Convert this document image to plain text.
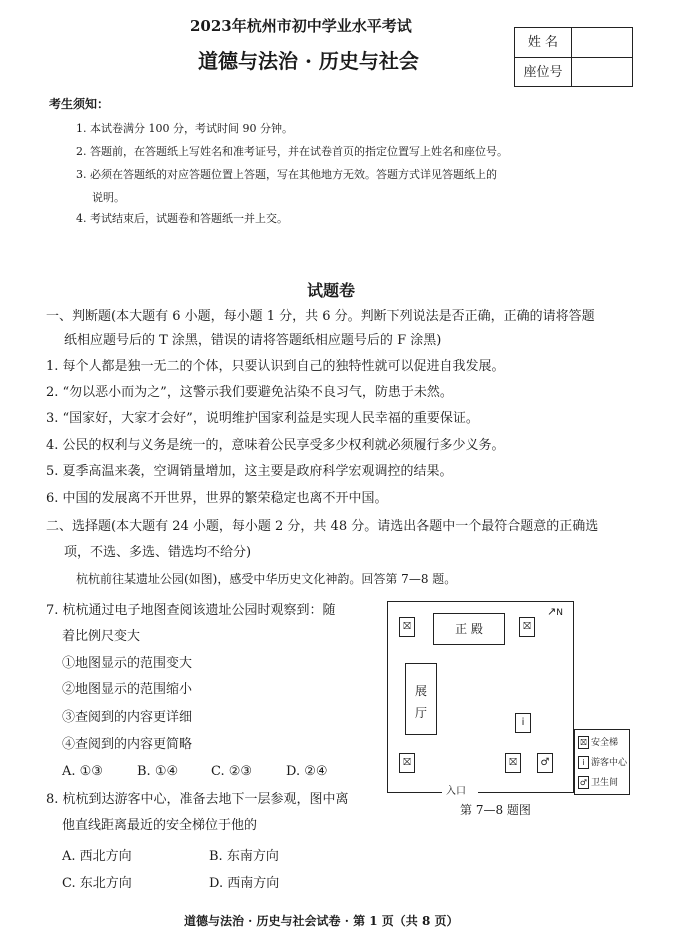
2023年杭州市初中学业水平考试
道德与法治 · 历史与社会
姓 名
座位号
考生须知：
1. 本试卷满分 100 分，考试时间 90 分钟。
2. 答题前，在答题纸上写姓名和准考证号，并在试卷首页的指定位置写上姓名和座位号。
3. 必须在答题纸的对应答题位置上答题，写在其他地方无效。答题方式详见答题纸上的
说明。
4. 考试结束后，试题卷和答题纸一并上交。
试题卷
一、判断题(本大题有 6 小题，每小题 1 分，共 6 分。判断下列说法是否正确，正确的请将答题
纸相应题号后的 T 涂黑，错误的请将答题纸相应题号后的 F 涂黑)
1. 每个人都是独一无二的个体，只要认识到自己的独特性就可以促进自我发展。
2. “勿以恶小而为之”，这警示我们要避免沾染不良习气，防患于未然。
3. “国家好，大家才会好”，说明维护国家利益是实现人民幸福的重要保证。
4. 公民的权利与义务是统一的，意味着公民享受多少权利就必须履行多少义务。
5. 夏季高温来袭，空调销量增加，这主要是政府科学宏观调控的结果。
6. 中国的发展离不开世界，世界的繁荣稳定也离不开中国。
二、选择题(本大题有 24 小题，每小题 2 分，共 48 分。请选出各题中一个最符合题意的正确选
项，不选、多选、错选均不给分)
杭杭前往某遗址公园(如图)，感受中华历史文化神韵。回答第 7—8 题。
7. 杭杭通过电子地图查阅该遗址公园时观察到：随
着比例尺变大
①地图显示的范围变大
②地图显示的范围缩小
③查阅到的内容更详细
④查阅到的内容更简略
A. ①③	B. ①④	C. ②③	D. ②④
8. 杭杭到达游客中心，准备去地下一层参观，图中离
他直线距离最近的安全梯位于他的
A. 西北方向	B. 东南方向
C. 东北方向	D. 西南方向
正 殿
展
厅
⛝	⛝
⛝	⛝
i
♂
↗N
入口
⛝ 安全梯
i 游客中心
♂ 卫生间
第 7—8 题图
道德与法治 · 历史与社会试卷 · 第 1 页（共 8 页）
